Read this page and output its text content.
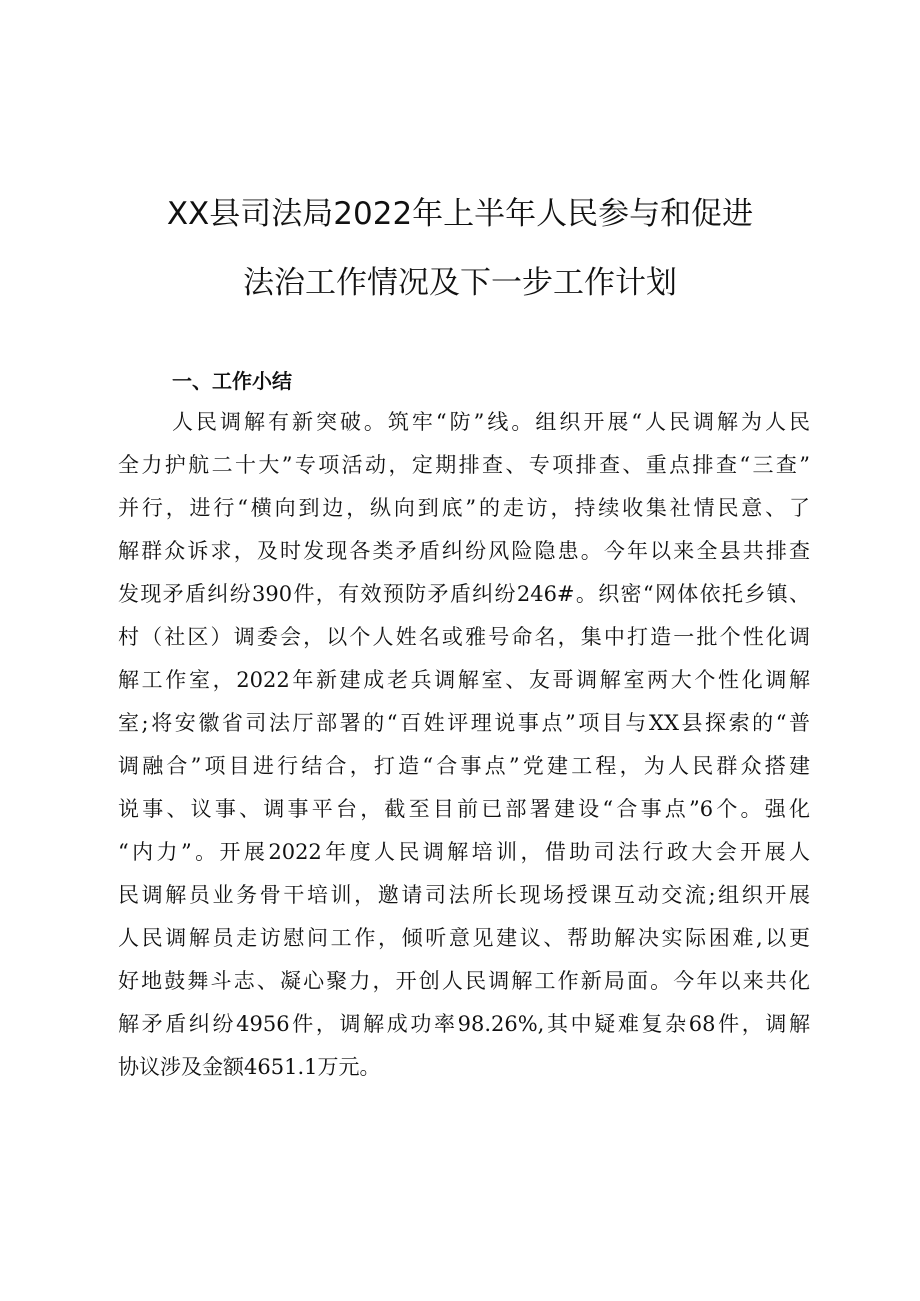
XX县司法局2022年上半年人民参与和促进
法治工作情况及下一步工作计划
一、工作小结
人民调解有新突破。筑牢“防”线。组织开展“人民调解为人民
全力护航二十大”专项活动，定期排查、专项排查、重点排查“三查”
并行，进行“横向到边，纵向到底”的走访，持续收集社情民意、了
解群众诉求，及时发现各类矛盾纠纷风险隐患。今年以来全县共排查
发现矛盾纠纷390件，有效预防矛盾纠纷246#。织密“网体依托乡镇、
村（社区）调委会，以个人姓名或雅号命名，集中打造一批个性化调
解工作室，2022年新建成老兵调解室、友哥调解室两大个性化调解
室;将安徽省司法厅部署的“百姓评理说事点”项目与XX县探索的“普
调融合”项目进行结合，打造“合事点”党建工程，为人民群众搭建
说事、议事、调事平台，截至目前已部署建设“合事点”6个。强化
“内力”。开展2022年度人民调解培训，借助司法行政大会开展人
民调解员业务骨干培训，邀请司法所长现场授课互动交流;组织开展
人民调解员走访慰问工作，倾听意见建议、帮助解决实际困难,以更
好地鼓舞斗志、凝心聚力，开创人民调解工作新局面。今年以来共化
解矛盾纠纷4956件，调解成功率98.26%,其中疑难复杂68件，调解
协议涉及金额4651.1万元。
